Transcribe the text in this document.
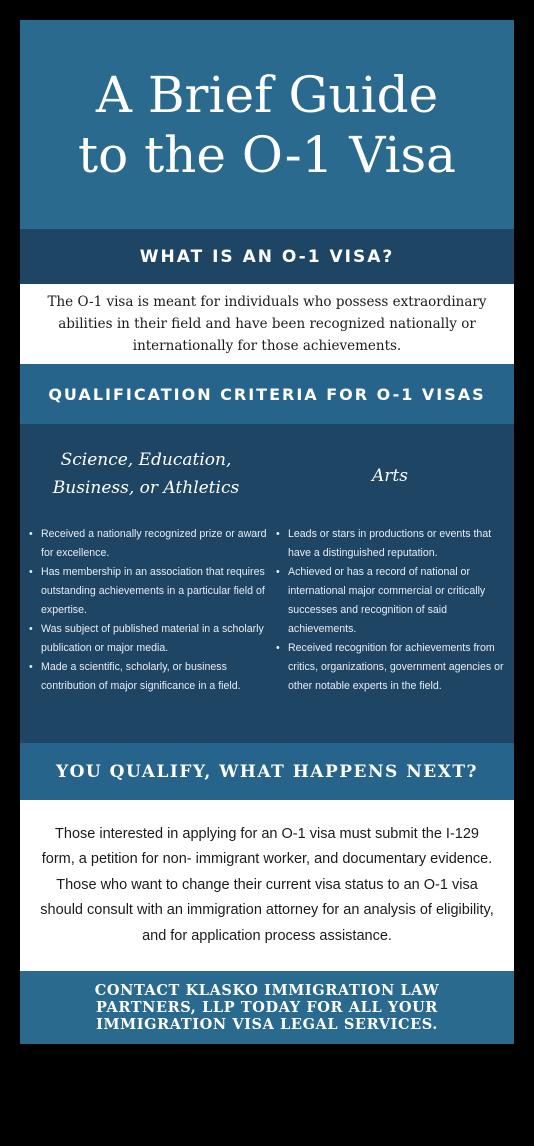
A Brief Guide
to the O-1 Visa
WHAT IS AN O-1 VISA?
The O-1 visa is meant for individuals who possess extraordinary abilities in their field and have been recognized nationally or internationally for those achievements.
QUALIFICATION CRITERIA FOR O-1 VISAS
Science, Education,
Business, or Athletics
Arts
• Received a nationally recognized prize or award for excellence.
• Has membership in an association that requires outstanding achievements in a particular field of expertise.
• Was subject of published material in a scholarly publication or major media.
• Made a scientific, scholarly, or business contribution of major significance in a field.
• Leads or stars in productions or events that have a distinguished reputation.
• Achieved or has a record of national or international major commercial or critically successes and recognition of said achievements.
• Received recognition for achievements from critics, organizations, government agencies or other notable experts in the field.
YOU QUALIFY, WHAT HAPPENS NEXT?
Those interested in applying for an O-1 visa must submit the I-129 form, a petition for non- immigrant worker, and documentary evidence. Those who want to change their current visa status to an O-1 visa should consult with an immigration attorney for an analysis of eligibility, and for application process assistance.
CONTACT KLASKO IMMIGRATION LAW PARTNERS, LLP TODAY FOR ALL YOUR IMMIGRATION VISA LEGAL SERVICES.
